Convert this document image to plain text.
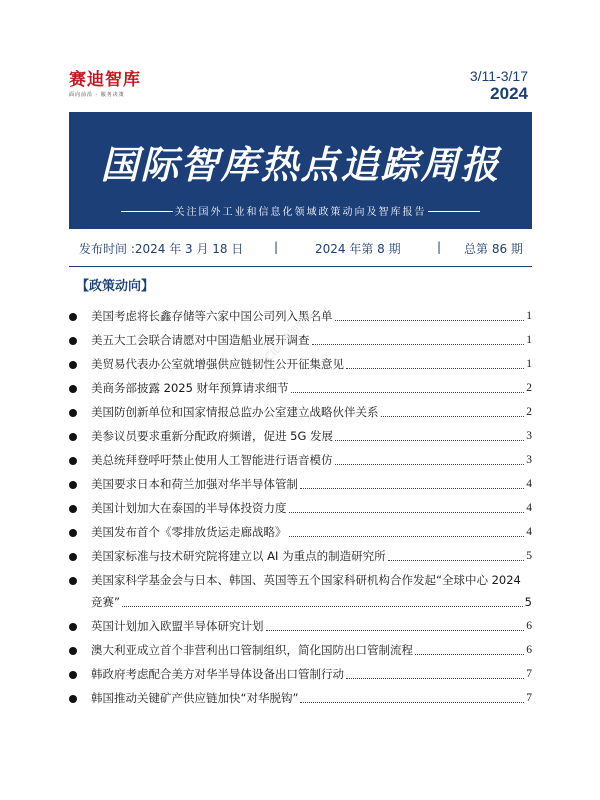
赛迪智库
面向前沿 · 服务决策
3/11-3/17
2024
国际智库热点追踪周报
关注国外工业和信息化领域政策动向及智库报告
发布时间 :2024 年 3 月 18 日	|	2024 年第 8 期	| 总第 86 期
【政策动向】
美国考虑将长鑫存储等六家中国公司列入黑名单	1
美五大工会联合请愿对中国造船业展开调查	1
美贸易代表办公室就增强供应链韧性公开征集意见	1
美商务部披露 2025 财年预算请求细节	2
美国防创新单位和国家情报总监办公室建立战略伙伴关系	2
美参议员要求重新分配政府频谱，促进 5G 发展	3
美总统拜登呼吁禁止使用人工智能进行语音模仿	3
美国要求日本和荷兰加强对华半导体管制	4
美国计划加大在泰国的半导体投资力度	4
美国发布首个《零排放货运走廊战略》	4
美国家标准与技术研究院将建立以 AI 为重点的制造研究所	5
美国家科学基金会与日本、韩国、英国等五个国家科研机构合作发起“全球中心 2024
竞赛”	5
英国计划加入欧盟半导体研究计划	6
澳大利亚成立首个非营利出口管制组织，简化国防出口管制流程	6
韩政府考虑配合美方对华半导体设备出口管制行动	7
韩国推动关键矿产供应链加快“对华脱钩”	7
CCID 赛迪智库
